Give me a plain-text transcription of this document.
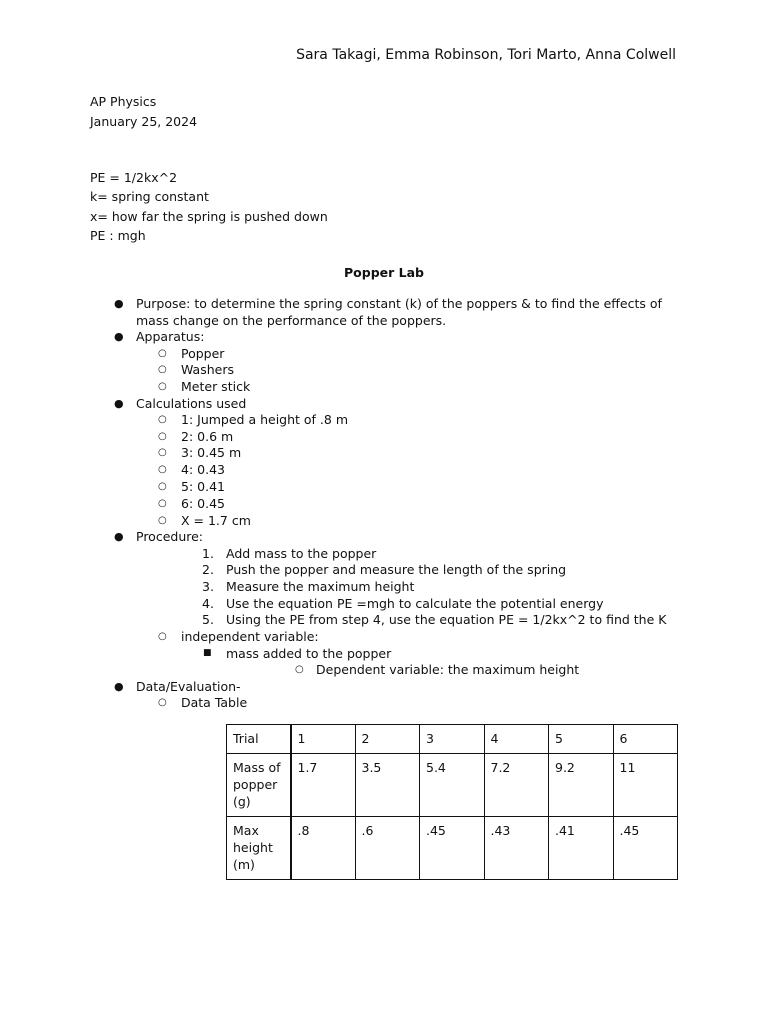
Sara Takagi, Emma Robinson, Tori Marto, Anna Colwell
AP Physics
January 25, 2024
PE = 1/2kx^2
k= spring constant
x= how far the spring is pushed down
PE : mgh
Popper Lab
● Purpose: to determine the spring constant (k) of the poppers & to find the effects of
mass change on the performance of the poppers.
● Apparatus:
○ Popper
○ Washers
○ Meter stick
● Calculations used
○ 1: Jumped a height of .8 m
○ 2: 0.6 m
○ 3: 0.45 m
○ 4: 0.43
○ 5: 0.41
○ 6: 0.45
○ X = 1.7 cm
● Procedure:
1. Add mass to the popper
2. Push the popper and measure the length of the spring
3. Measure the maximum height
4. Use the equation PE =mgh to calculate the potential energy
5. Using the PE from step 4, use the equation PE = 1/2kx^2 to find the K
○ independent variable:
■ mass added to the popper
○ Dependent variable: the maximum height
● Data/Evaluation-
○ Data Table
Trial	1	2	3	4	5	6
Mass of popper (g)	1.7	3.5	5.4	7.2	9.2	11
Max height (m)	.8	.6	.45	.43	.41	.45
